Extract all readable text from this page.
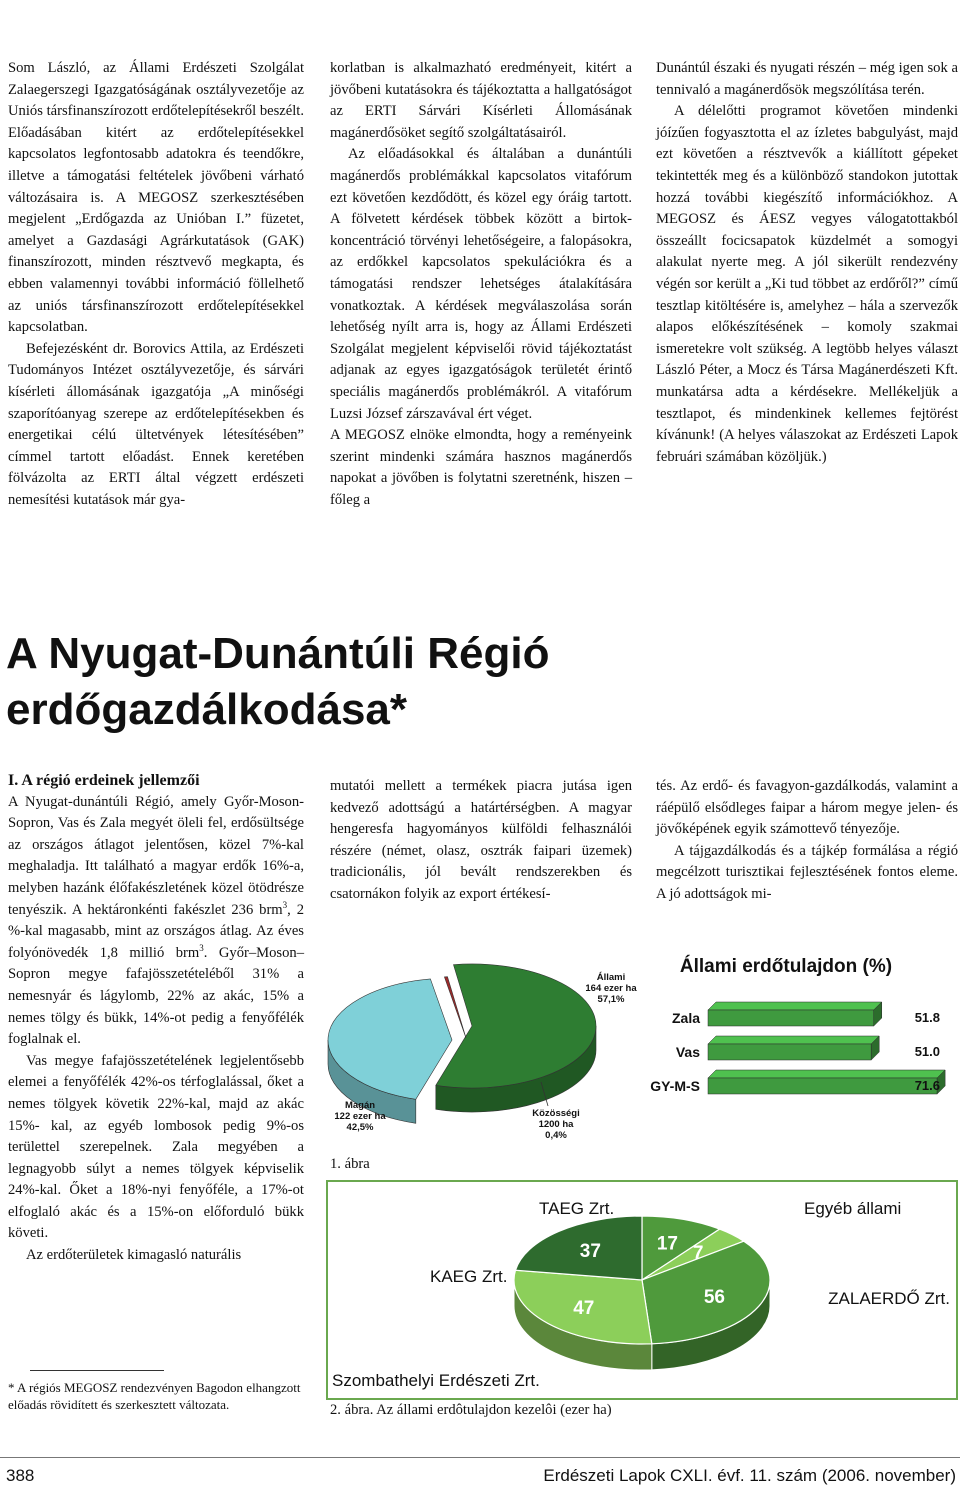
Som László, az Állami Erdészeti Szolgálat Zalaegerszegi Igazgatóságának osztályvezetője az Uniós társfinanszírozott erdőtelepítésekről beszélt. Előadásában kitért az erdőtelepítésekkel kapcsolatos legfontosabb adatokra és teendőkre, illetve a támogatási feltételek jövőbeni várható változásaira is. A MEGOSZ szerkesztésében megjelent „Erdőgazda az Unióban I.” füzetet, amelyet a Gazdasági Agrárkutatások (GAK) finanszírozott, minden résztvevő megkapta, és ebben valamennyi további információ föllelhető az uniós társfinanszírozott erdőtelepítésekkel kapcsolatban.

Befejezésként dr. Borovics Attila, az Erdészeti Tudományos Intézet osztályvezetője, és sárvári kísérleti állomásának igazgatója „A minőségi szaporítóanyag szerepe az erdőtelepítésekben és energetikai célú ültetvények létesítésében” címmel tartott előadást. Ennek keretében fölvázolta az ERTI által végzett erdészeti nemesítési kutatások már gya-

korlatban is alkalmazható eredményeit, kitért a jövőbeni kutatásokra és tájékoztatta a hallgatóságot az ERTI Sárvári Kísérleti Állomásának magánerdősöket segítő szolgáltatásairól.

Az előadásokkal és általában a dunántúli magánerdős problémákkal kapcsolatos vitafórum ezt követően kezdődött, és közel egy óráig tartott. A fölvetett kérdések többek között a birtok-koncentráció törvényi lehetőségeire, a falopásokra, az erdőkkel kapcsolatos spekulációkra és a támogatási rendszer lehetséges átalakítására vonatkoztak. A kérdések megválaszolása során lehetőség nyílt arra is, hogy az Állami Erdészeti Szolgálat megjelent képviselői rövid tájékoztatást adjanak az egyes igazgatóságok területét érintő speciális magánerdős problémákról. A vitafórum Luzsi József zárszavával ért véget.

A MEGOSZ elnöke elmondta, hogy a reményeink szerint mindenki számára hasznos magánerdős napokat a jövőben is folytatni szeretnénk, hiszen – főleg a

Dunántúl északi és nyugati részén – még igen sok a tennivaló a magánerdősök megszólítása terén.

A délelőtti programot követően mindenki jóízűen fogyasztotta el az ízletes babgulyást, majd ezt követően a résztvevők a kiállított gépeket tekintették meg és a különböző standokon jutottak hozzá további kiegészítő információkhoz. A MEGOSZ és ÁESZ vegyes válogatottakból összeállt focicsapatok küzdelmét a somogyi alakulat nyerte meg. A jól sikerült rendezvény végén sor került a „Ki tud többet az erdőről?” című tesztlap kitöltésére is, amelyhez – hála a szervezők alapos előkészítésének – komoly szakmai ismeretekre volt szükség. A legtöbb helyes választ László Péter, a Mocz és Társa Magánerdészeti Kft. munkatársa adta a kérdésekre. Mellékeljük a tesztlapot, és mindenkinek kellemes fejtörést kívánunk! (A helyes válaszokat az Erdészeti Lapok februári számában közöljük.)

A Nyugat-Dunántúli Régió erdőgazdálkodása*

I. A régió erdeinek jellemzői

A Nyugat-dunántúli Régió, amely Győr-Moson-Sopron, Vas és Zala megyét öleli fel, erdősültsége az országos átlagot jelentősen, közel 7%-kal meghaladja. Itt található a magyar erdők 16%-a, melyben hazánk élőfakészletének közel ötödrésze tenyészik. A hektáronkénti fakészlet 236 brm$^3$, 2 %-kal magasabb, mint az országos átlag. Az éves folyónövedék 1,8 millió brm$^3$. Győr–Moson–Sopron megye fafajösszetételéből 31% a nemesnyár és lágylomb, 22% az akác, 15% a nemes tölgy és bükk, 14%-ot pedig a fenyőfélék foglalnak el.

Vas megye fafajösszetételének legjelentősebb elemei a fenyőfélék 42%-os térfoglalással, őket a nemes tölgyek követik 22%-kal, majd az akác 15%- kal, az egyéb lombosok pedig 9%-os területtel szerepelnek. Zala megyében a legnagyobb súlyt a nemes tölgyek képviselik 24%-kal. Őket a 18%-nyi fenyőféle, a 17%-ot elfoglaló akác és a 15%-on előforduló bükk követi.

Az erdőterületek kimagasló naturális

mutatói mellett a termékek piacra jutása igen kedvező adottságú a határtérségben. A magyar hengeresfa hagyományos külföldi felhasználói részére (német, olasz, osztrák faipari üzemek) tradicionális, jól bevált rendszerekben és csatornákon folyik az export értékesí-

tés. Az erdő- és favagyon-gazdálkodás, valamint a ráépülő elsődleges faipar a három megye jelen- és jövőképének egyik számottevő tényezője.

A tájgazdálkodás és a tájkép formálása a régió megcélzott turisztikai fejlesztésének fontos eleme. A jó adottságok mi-

Állami
164 ezer ha
57,1%
Magán
122 ezer ha
42,5%
Közösségi
1200 ha
0,4%
Állami erdőtulajdon (%)
Zala	51.8
Vas	51.0
GY-M-S	71.6
1. ábra
17 7
56
47
37
TAEG Zrt.	Egyéb állami
KAEG Zrt.
ZALAERDŐ Zrt.
Szombathelyi Erdészeti Zrt.
2. ábra. Az állami erdôtulajdon kezelôi (ezer ha)
* A régiós MEGOSZ rendezvényen Bagodon elhangzott előadás rövidített és szerkesztett változata.
388	Erdészeti Lapok CXLI. évf. 11. szám (2006. november)
